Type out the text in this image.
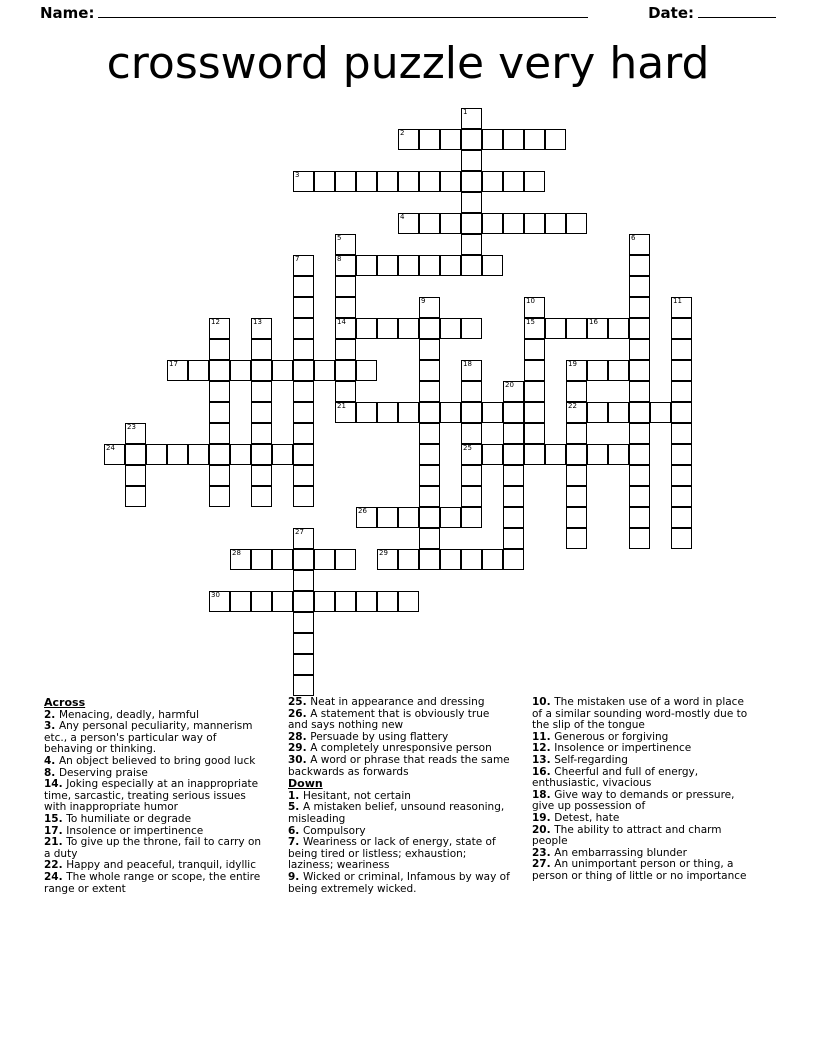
Name:	Date:
crossword puzzle very hard
1
2
3
4
5	6
7	8
9	10	11
12	13	14	15	16
17	18	19
20
21	22
23
24	25
26
27
28	29
30
Across
2. Menacing, deadly, harmful
3. Any personal peculiarity, mannerism etc., a person's particular way of behaving or thinking.
4. An object believed to bring good luck
8. Deserving praise
14. Joking especially at an inappropriate time, sarcastic, treating serious issues with inappropriate humor
15. To humiliate or degrade
17. Insolence or impertinence
21. To give up the throne, fail to carry on a duty
22. Happy and peaceful, tranquil, idyllic
24. The whole range or scope, the entire range or extent
25. Neat in appearance and dressing
26. A statement that is obviously true and says nothing new
28. Persuade by using flattery
29. A completely unresponsive person
30. A word or phrase that reads the same backwards as forwards
Down
1. Hesitant, not certain
5. A mistaken belief, unsound reasoning, misleading
6. Compulsory
7. Weariness or lack of energy, state of being tired or listless; exhaustion; laziness; weariness
9. Wicked or criminal, Infamous by way of being extremely wicked.
10. The mistaken use of a word in place of a similar sounding word-mostly due to the slip of the tongue
11. Generous or forgiving
12. Insolence or impertinence
13. Self-regarding
16. Cheerful and full of energy, enthusiastic, vivacious
18. Give way to demands or pressure, give up possession of
19. Detest, hate
20. The ability to attract and charm people
23. An embarrassing blunder
27. An unimportant person or thing, a person or thing of little or no importance
